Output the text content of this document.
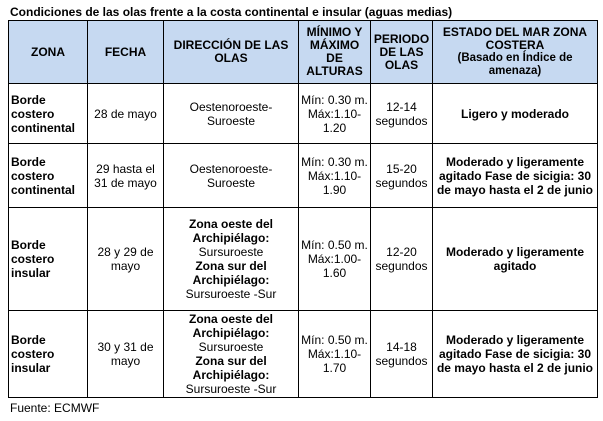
Condiciones de las olas frente a la costa continental e insular (aguas medias)
ZONA	FECHA	DIRECCIÓN DE LAS OLAS	MÍNIMO Y MÁXIMO DE ALTURAS	PERIODO DE LAS OLAS	ESTADO DEL MAR ZONA COSTERA
(Basado en Índice de amenaza)

Borde costero continental	28 de mayo	Oestenoroeste-Suroeste	Mín: 0.30 m. Máx:1.10-1.20	12-14 segundos	Ligero y moderado
Borde costero continental	29 hasta el 31 de mayo	Oestenoroeste-Suroeste	Mín: 0.30 m. Máx:1.10-1.90	15-20 segundos	Moderado y ligeramente agitado Fase de sicigia: 30 de mayo hasta el 2 de junio
Borde costero insular	28 y 29 de mayo	Zona oeste del Archipiélago:
Sursuroeste
Zona sur del Archipiélago:
Sursuroeste -Sur	Mín: 0.50 m. Máx:1.00-1.60	12-20 segundos	Moderado y ligeramente agitado
Borde costero insular	30 y 31 de mayo	Zona oeste del Archipiélago:
Sursuroeste
Zona sur del Archipiélago:
Sursuroeste -Sur	Mín: 0.50 m. Máx:1.10-1.70	14-18 segundos	Moderado y ligeramente agitado Fase de sicigia: 30 de mayo hasta el 2 de junio
Fuente: ECMWF
